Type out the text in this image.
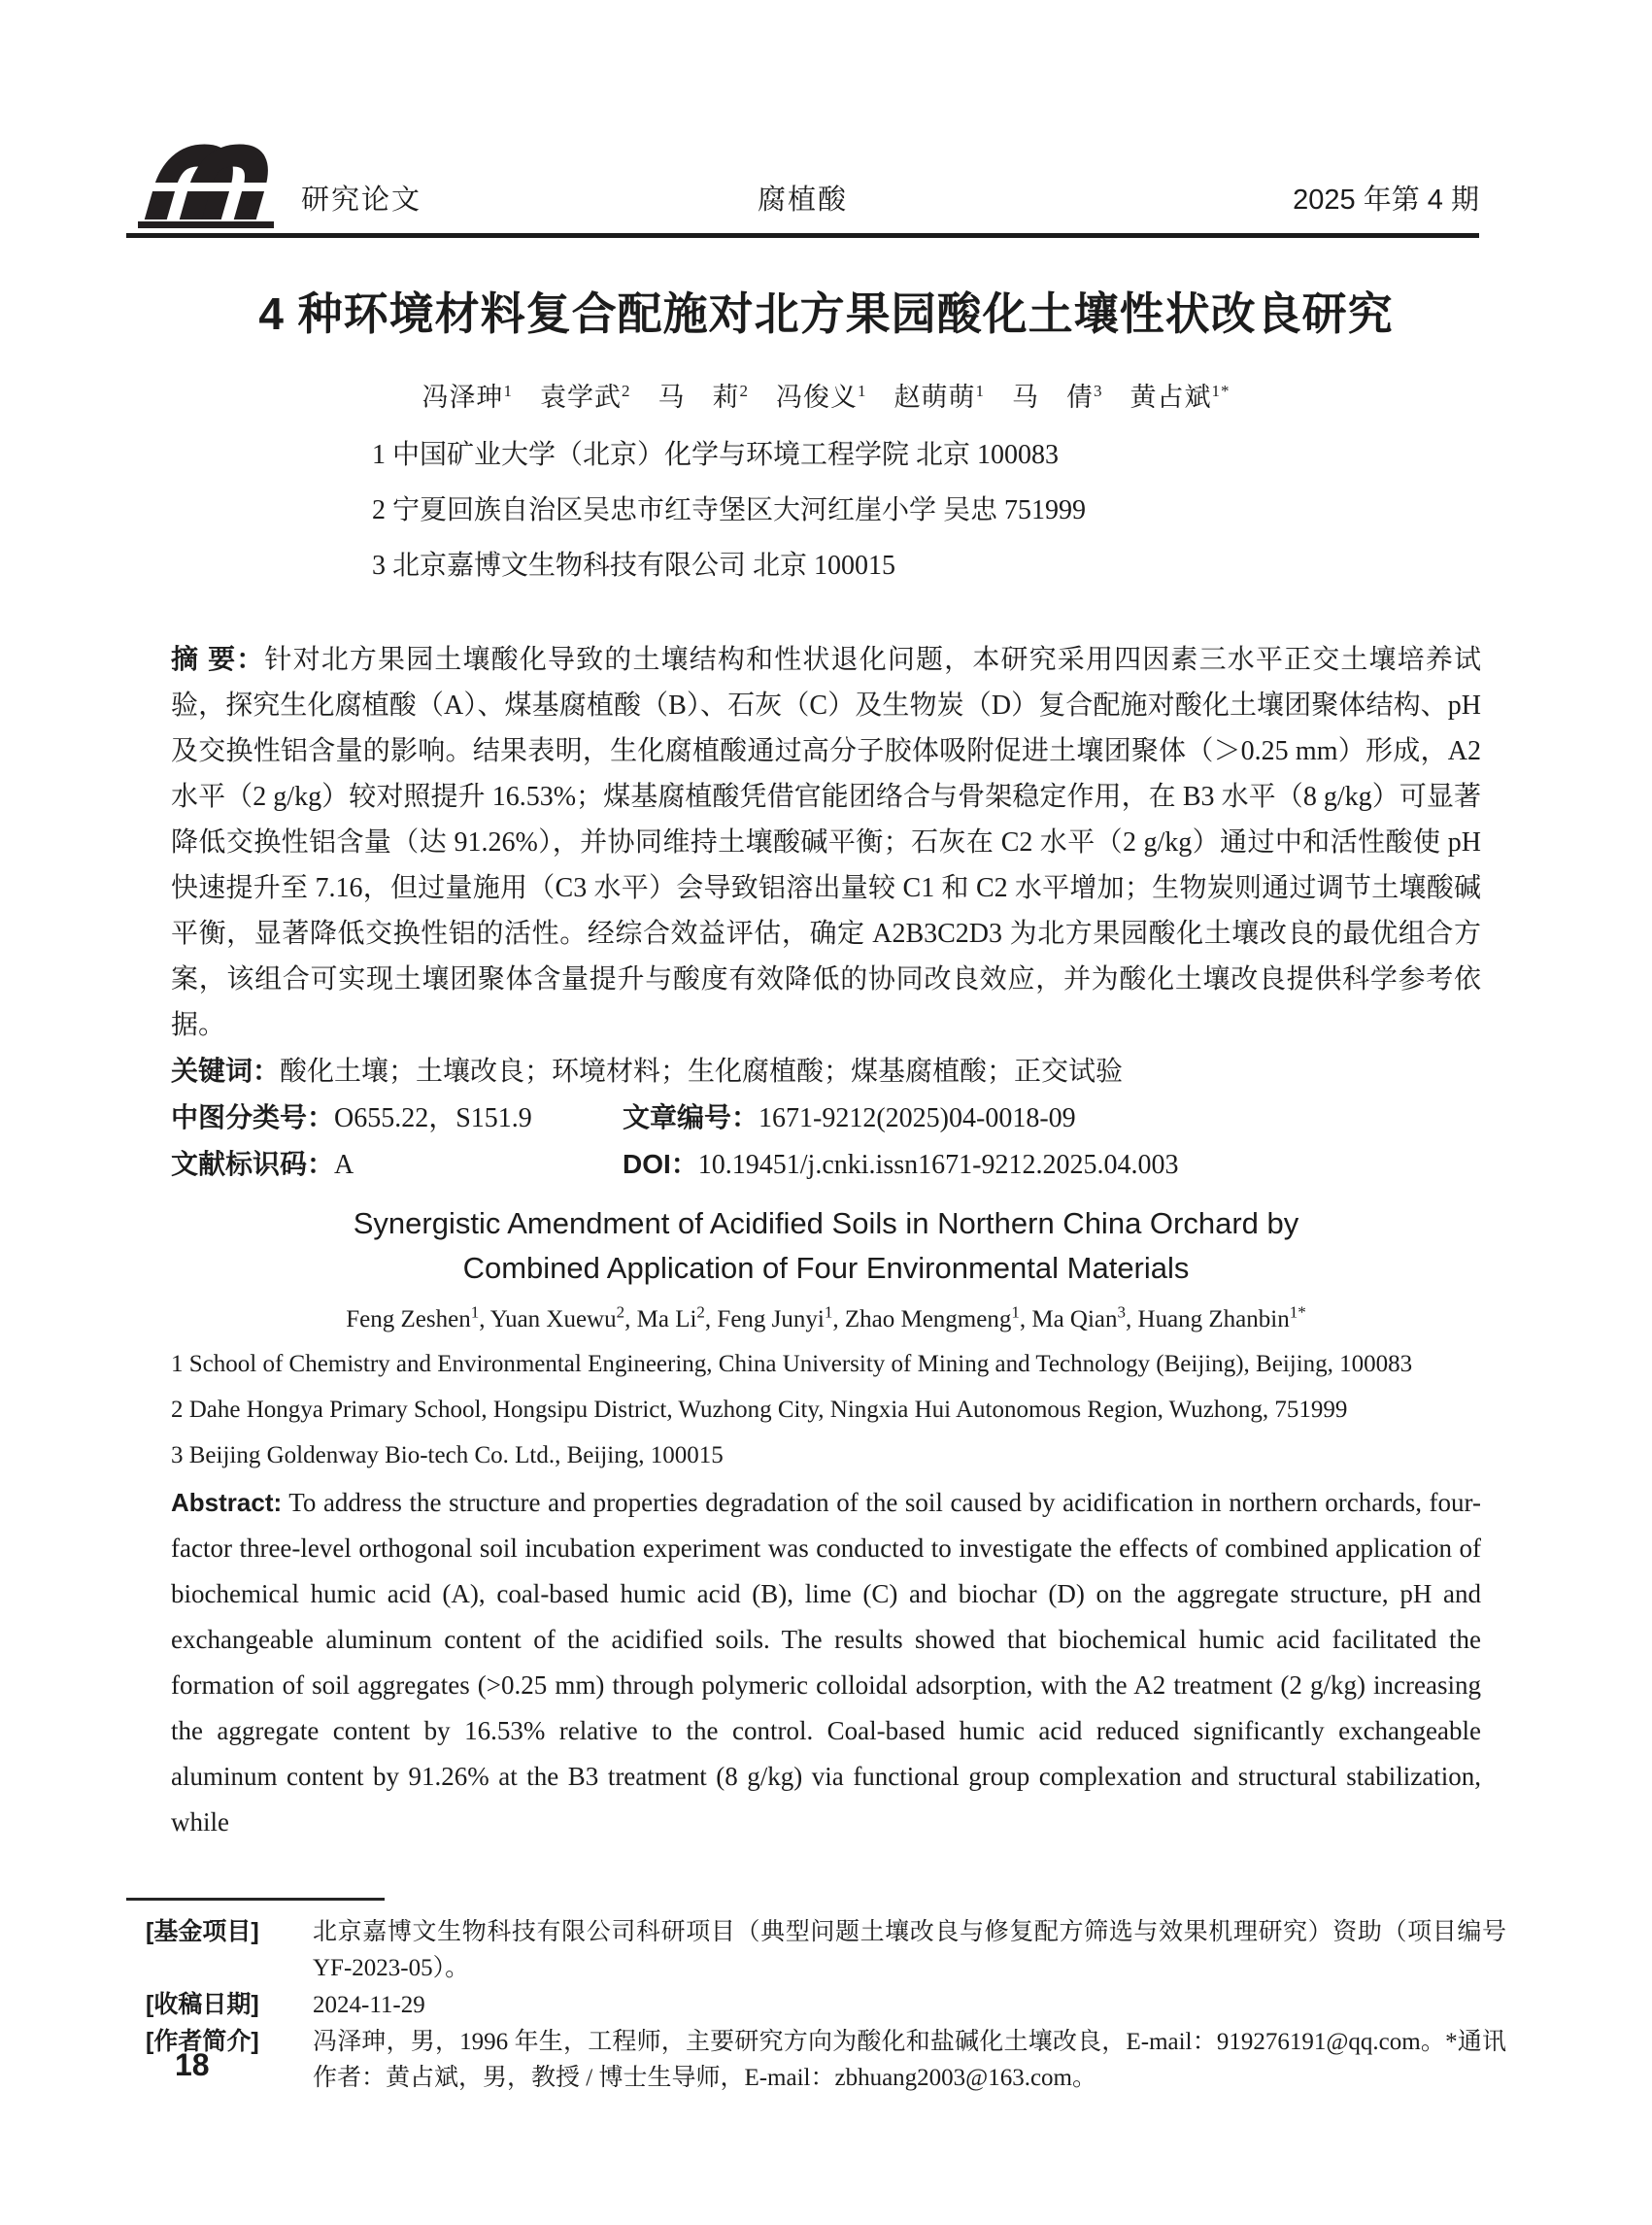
研究论文	腐植酸	2025 年第 4 期
4 种环境材料复合配施对北方果园酸化土壤性状改良研究
冯泽珅$^1$　 袁学武$^2$　 马　莉$^2$　 冯俊义$^1$　 赵萌萌$^1$　 马　倩$^3$　 黄占斌$^{1*}$
1 中国矿业大学（北京）化学与环境工程学院 北京 100083
2 宁夏回族自治区吴忠市红寺堡区大河红崖小学 吴忠 751999
3 北京嘉博文生物科技有限公司 北京 100015

摘 要：针对北方果园土壤酸化导致的土壤结构和性状退化问题，本研究采用四因素三水平正交土壤培养试验，探究生化腐植酸（A）、煤基腐植酸（B）、石灰（C）及生物炭（D）复合配施对酸化土壤团聚体结构、pH 及交换性铝含量的影响。结果表明，生化腐植酸通过高分子胶体吸附促进土壤团聚体（＞0.25 mm）形成，A2 水平（2 g/kg）较对照提升 16.53%；煤基腐植酸凭借官能团络合与骨架稳定作用，在 B3 水平（8 g/kg）可显著降低交换性铝含量（达 91.26%），并协同维持土壤酸碱平衡；石灰在 C2 水平（2 g/kg）通过中和活性酸使 pH 快速提升至 7.16，但过量施用（C3 水平）会导致铝溶出量较 C1 和 C2 水平增加；生物炭则通过调节土壤酸碱平衡，显著降低交换性铝的活性。经综合效益评估，确定 A2B3C2D3 为北方果园酸化土壤改良的最优组合方案，该组合可实现土壤团聚体含量提升与酸度有效降低的协同改良效应，并为酸化土壤改良提供科学参考依据。

关键词：酸化土壤；土壤改良；环境材料；生化腐植酸；煤基腐植酸；正交试验

中图分类号：O655.22，S151.9	文章编号：1671-9212(2025)04-0018-09
文献标识码：A	DOI：10.19451/j.cnki.issn1671-9212.2025.04.003
Synergistic Amendment of Acidified Soils in Northern China Orchard by
Combined Application of Four Environmental Materials
Feng Zeshen$^1$, Yuan Xuewu$^2$, Ma Li$^2$, Feng Junyi$^1$, Zhao Mengmeng$^1$, Ma Qian$^3$, Huang Zhanbin$^{1*}$
1 School of Chemistry and Environmental Engineering, China University of Mining and Technology (Beijing), Beijing, 100083
2 Dahe Hongya Primary School, Hongsipu District, Wuzhong City, Ningxia Hui Autonomous Region, Wuzhong, 751999
3 Beijing Goldenway Bio-tech Co. Ltd., Beijing, 100015

Abstract: To address the structure and properties degradation of the soil caused by acidification in northern orchards, four-factor three-level orthogonal soil incubation experiment was conducted to investigate the effects of combined application of biochemical humic acid (A), coal-based humic acid (B), lime (C) and biochar (D) on the aggregate structure, pH and exchangeable aluminum content of the acidified soils. The results showed that biochemical humic acid facilitated the formation of soil aggregates (>0.25 mm) through polymeric colloidal adsorption, with the A2 treatment (2 g/kg) increasing the aggregate content by 16.53% relative to the control. Coal-based humic acid reduced significantly exchangeable aluminum content by 91.26% at the B3 treatment (8 g/kg) via functional group complexation and structural stabilization, while

[基金项目]	北京嘉博文生物科技有限公司科研项目（典型问题土壤改良与修复配方筛选与效果机理研究）资助（项目编号 YF-2023-05）。
[收稿日期]	2024-11-29
[作者简介]	冯泽珅，男，1996 年生，工程师，主要研究方向为酸化和盐碱化土壤改良，E-mail：919276191@qq.com。*通讯作者：黄占斌，男，教授 / 博士生导师，E-mail：zbhuang2003@163.com。
18
